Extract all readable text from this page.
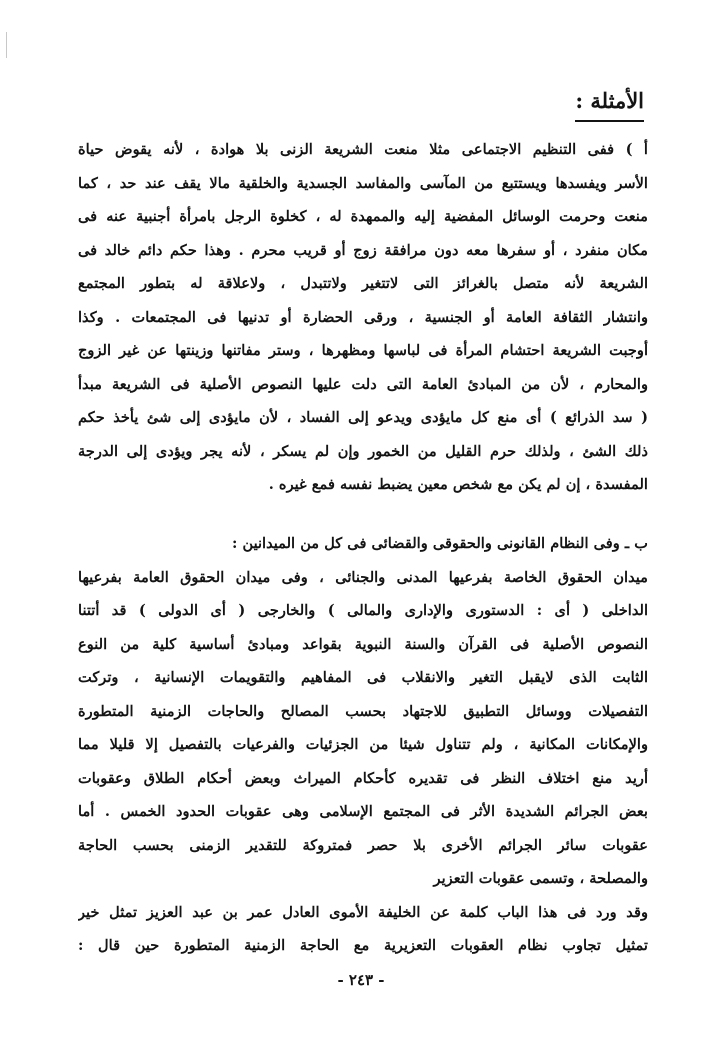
الأمثلة :
أ ) ففى التنظيم الاجتماعى مثلا منعت الشريعة الزنى بلا هوادة ، لأنه يقوض حياة
الأسر ويفسدها ويستتبع من المآسى والمفاسد الجسدية والخلقية مالا يقف عند حد ، كما
منعت وحرمت الوسائل المفضية إليه والممهدة له ، كخلوة الرجل بامرأة أجنبية عنه فى
مكان منفرد ، أو سفرها معه دون مرافقة زوج أو قريب محرم . وهذا حكم دائم خالد فى
الشريعة لأنه متصل بالغرائز التى لاتتغير ولاتتبدل ، ولاعلاقة له بتطور المجتمع
وانتشار الثقافة العامة أو الجنسية ، ورقى الحضارة أو تدنيها فى المجتمعات . وكذا
أوجبت الشريعة احتشام المرأة فى لباسها ومظهرها ، وستر مفاتنها وزينتها عن غير الزوج
والمحارم ، لأن من المبادئ العامة التى دلت عليها النصوص الأصلية فى الشريعة مبدأ
( سد الذرائع ) أى منع كل مايؤدى ويدعو إلى الفساد ، لأن مايؤدى إلى شئ يأخذ حكم
ذلك الشئ ، ولذلك حرم القليل من الخمور وإن لم يسكر ، لأنه يجر ويؤدى إلى الدرجة
المفسدة ، إن لم يكن مع شخص معين يضبط نفسه فمع غيره .
ب ـ وفى النظام القانونى والحقوقى والقضائى فى كل من الميدانين :
ميدان الحقوق الخاصة بفرعيها المدنى والجنائى ، وفى ميدان الحقوق العامة بفرعيها
الداخلى ( أى : الدستورى والإدارى والمالى ) والخارجى ( أى الدولى ) قد أتتنا
النصوص الأصلية فى القرآن والسنة النبوية بقواعد ومبادئ أساسية كلية من النوع
الثابت الذى لايقبل التغير والانقلاب فى المفاهيم والتقويمات الإنسانية ، وتركت
التفصيلات ووسائل التطبيق للاجتهاد بحسب المصالح والحاجات الزمنية المتطورة
والإمكانات المكانية ، ولم تتناول شيئا من الجزئيات والفرعيات بالتفصيل إلا قليلا مما
أريد منع اختلاف النظر فى تقديره كأحكام الميراث وبعض أحكام الطلاق وعقوبات
بعض الجرائم الشديدة الأثر فى المجتمع الإسلامى وهى عقوبات الحدود الخمس . أما
عقوبات سائر الجرائم الأخرى بلا حصر فمتروكة للتقدير الزمنى بحسب الحاجة
والمصلحة ، وتسمى عقوبات التعزير
وقد ورد فى هذا الباب كلمة عن الخليفة الأموى العادل عمر بن عبد العزيز تمثل خير
تمثيل تجاوب نظام العقوبات التعزيرية مع الحاجة الزمنية المتطورة حين قال :
- ٢٤٣ -
